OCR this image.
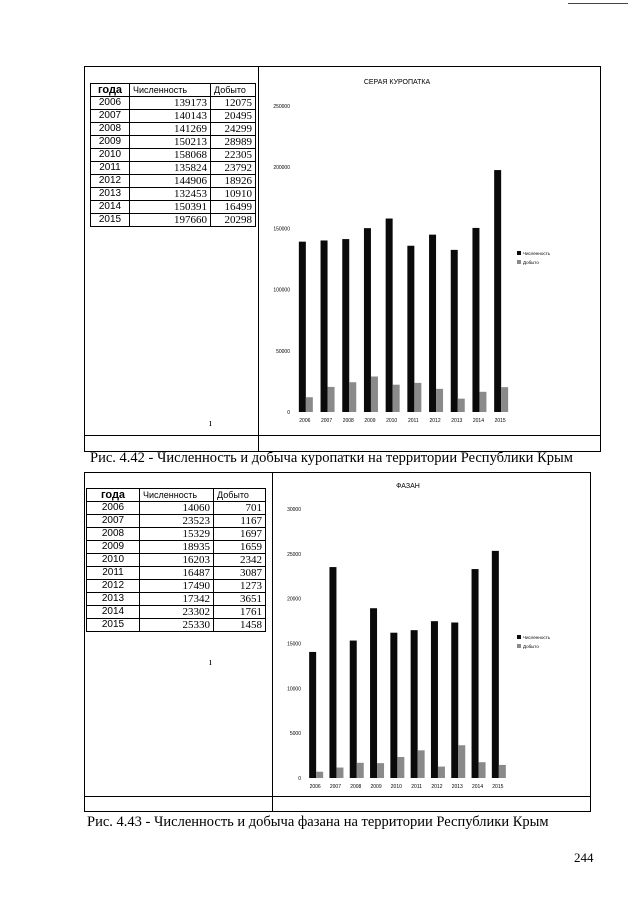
года	Численность	Добыто
2006	139173	12075
2007	140143	20495
2008	141269	24299
2009	150213	28989
2010	158068	22305
2011	135824	23792
2012	144906	18926
2013	132453	10910
2014	150391	16499
2015	197660	20298
ı
СЕРАЯ КУРОПАТКА
0
50000
100000
150000
200000
250000
2006 2007 2008 2009 2010 2011 2012 2013 2014 2015
Численность
Добыто
Рис. 4.42 - Численность и добыча куропатки на территории Республики Крым
года	Численность	Добыто
2006	14060	701
2007	23523	1167
2008	15329	1697
2009	18935	1659
2010	16203	2342
2011	16487	3087
2012	17490	1273
2013	17342	3651
2014	23302	1761
2015	25330	1458
ı
ФАЗАН
0
5000
10000
15000
20000
25000
30000
2006 2007 2008 2009 2010 2011 2012 2013 2014 2015
Численность
Добыто
Рис. 4.43 - Численность и добыча фазана на территории Республики Крым
244
